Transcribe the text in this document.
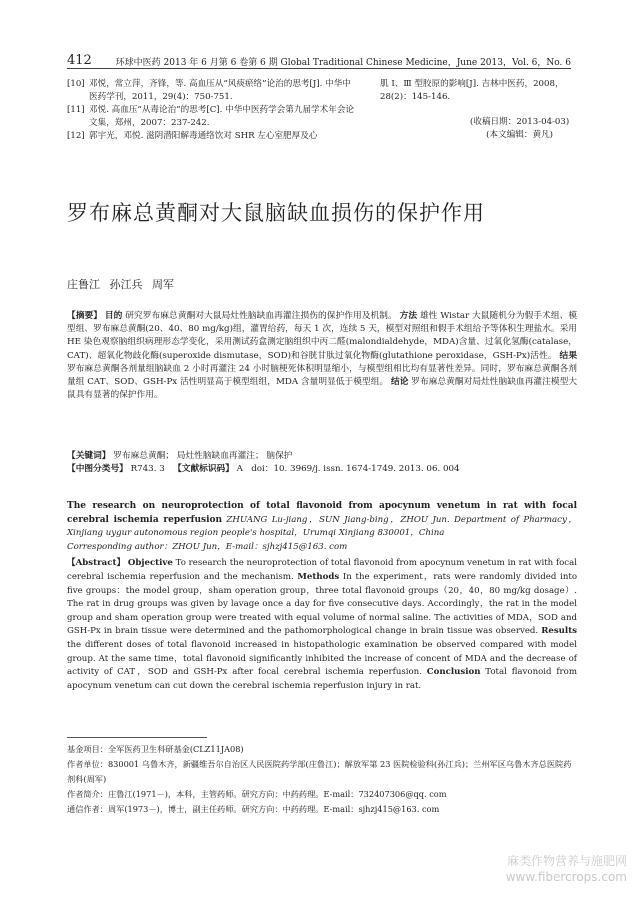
412	环球中医药 2013 年 6 月第 6 卷第 6 期 Global Traditional Chinese Medicine，June 2013，Vol. 6，No. 6
[10] 邓悦，常立萍，齐锋，等. 高血压从“风痰瘀络”论治的思考[J]. 中华中医药学刊，2011，29(4)：750-751.
[11] 邓悦. 高血压“从毒论治”的思考[C]. 中华中医药学会第九届学术年会论文集，郑州，2007：237-242.
[12] 郭宇光，邓悦. 滋阴潜阳解毒通络饮对 SHR 左心室肥厚及心
肌 Ⅰ、Ⅲ 型胶原的影响[J]. 吉林中医药，2008，28(2)：145-146.
(收稿日期：2013-04-03)
(本文编辑：黄凡)
罗布麻总黄酮对大鼠脑缺血损伤的保护作用
庄鲁江 孙江兵 周军
【摘要】 目的 研究罗布麻总黄酮对大鼠局灶性脑缺血再灌注损伤的保护作用及机制。 方法 雄性 Wistar 大鼠随机分为假手术组、模型组、罗布麻总黄酮(20、40、80 mg/kg)组，灌胃给药，每天 1 次，连续 5 天，模型对照组和假手术组给予等体积生理盐水。采用 HE 染色观察脑组织病理形态学变化，采用测试药盒测定脑组织中丙二醛(malondialdehyde，MDA)含量、过氧化氢酶(catalase，CAT)、超氧化物歧化酶(superoxide dismutase，SOD)和谷胱甘肽过氧化物酶(glutathione peroxidase，GSH-Px)活性。 结果 罗布麻总黄酮各剂量组脑缺血 2 小时再灌注 24 小时脑梗死体积明显缩小，与模型组相比均有显著性差异。同时，罗布麻总黄酮各剂量组 CAT、SOD、GSH-Px 活性明显高于模型组组，MDA 含量明显低于模型组。 结论 罗布麻总黄酮对局灶性脑缺血再灌注模型大鼠具有显著的保护作用。
【关键词】 罗布麻总黄酮； 局灶性脑缺血再灌注； 脑保护
【中图分类号】 R743. 3 【文献标识码】 A doi：10. 3969/j. issn. 1674-1749. 2013. 06. 004
The research on neuroprotection of total flavonoid from apocynum venetum in rat with focal cerebral ischemia reperfusion ZHUANG Lu-jiang，SUN Jiang-bing，ZHOU Jun. Department of Pharmacy，Xinjiang uygur autonomous region people's hospital，Urumqi Xinjiang 830001，China
Corresponding author：ZHOU Jun，E-mail：sjhzj415@163. com
【Abstract】 Objective To research the neuroprotection of total flavonoid from apocynum venetum in rat with focal cerebral ischemia reperfusion and the mechanism. Methods In the experiment，rats were randomly divided into five groups：the model group，sham operation group，three total flavonoid groups（20，40，80 mg/kg dosage）. The rat in drug groups was given by lavage once a day for five consecutive days. Accordingly，the rat in the model group and sham operation group were treated with equal volume of normal saline. The activities of MDA，SOD and GSH-Px in brain tissue were determined and the pathomorphological change in brain tissue was observed. Results the different doses of total flavonoid increased in histopathologic examination be observed compared with model group. At the same time，total flavonoid significantly inhibited the increase of concent of MDA and the decrease of activity of CAT，SOD and GSH-Px after focal cerebral ischemia reperfusion. Conclusion Total flavonoid from apocynum venetum can cut down the cerebral ischemia reperfusion injury in rat.
基金项目：全军医药卫生科研基金(CLZ11JA08)
作者单位：830001 乌鲁木齐，新疆维吾尔自治区人民医院药学部(庄鲁江)；解放军第 23 医院检验科(孙江兵)；兰州军区乌鲁木齐总医院药剂科(周军)
作者简介：庄鲁江(1971－)，本科，主管药师。研究方向：中药药理。E-mail：732407306@qq. com
通信作者：周军(1973－)，博士，副主任药师。研究方向：中药药理。E-mail：sjhzj415@163. com
麻类作物营养与施肥网
www.fibercrops.com
